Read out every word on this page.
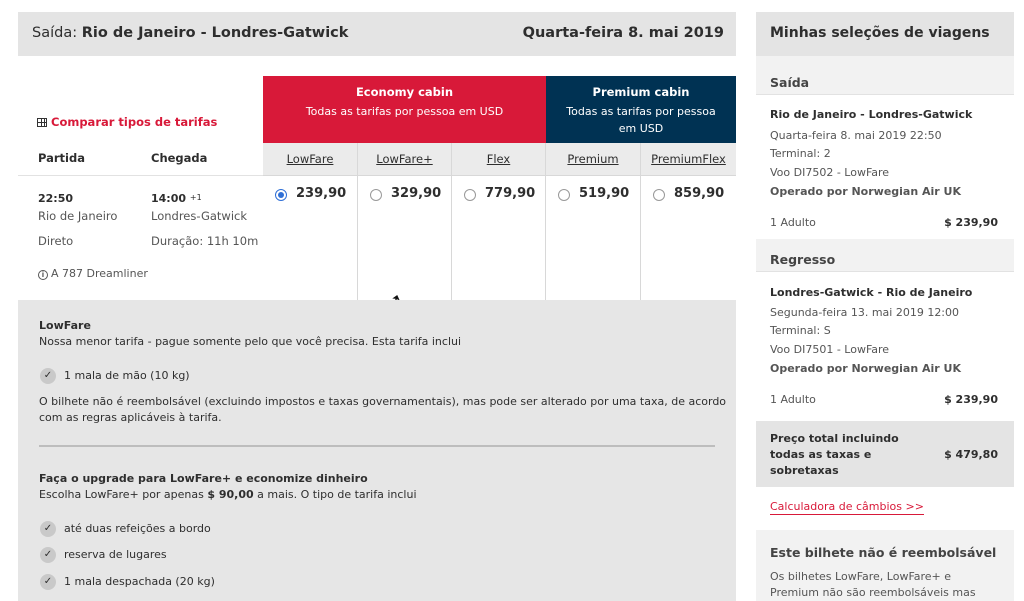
Saída: Rio de Janeiro - Londres-Gatwick	Quarta-feira 8. mai 2019
Comparar tipos de tarifas
Partida	Chegada
22:50	14:00 $^{+1}$
Rio de Janeiro	Londres-Gatwick
Direto	Duração: 11h 10m
i A 787 Dreamliner
Economy cabin
Todas as tarifas por pessoa em USD
Premium cabin
Todas as tarifas por pessoa em USD
LowFare	LowFare+	Flex	Premium	PremiumFlex
239,90	329,90	779,90	519,90	859,90
LowFare
Nossa menor tarifa - pague somente pelo que você precisa. Esta tarifa inclui
✓	1 mala de mão (10 kg)
O bilhete não é reembolsável (excluindo impostos e taxas governamentais), mas pode ser alterado por uma taxa, de acordo com as regras aplicáveis à tarifa.
Faça o upgrade para LowFare+ e economize dinheiro
Escolha LowFare+ por apenas $ 90,00 a mais. O tipo de tarifa inclui
✓	até duas refeições a bordo
✓	reserva de lugares
✓	1 mala despachada (20 kg)
Minhas seleções de viagens
Saída
Rio de Janeiro - Londres-Gatwick
Quarta-feira 8. mai 2019 22:50
Terminal: 2
Voo DI7502 - LowFare
Operado por Norwegian Air UK
1 Adulto	$ 239,90
Regresso
Londres-Gatwick - Rio de Janeiro
Segunda-feira 13. mai 2019 12:00
Terminal: S
Voo DI7501 - LowFare
Operado por Norwegian Air UK
1 Adulto	$ 239,90
Preço total incluindo todas as taxas e sobretaxas
$ 479,80
Calculadora de câmbios >>
Este bilhete não é reembolsável
Os bilhetes LowFare, LowFare+ e Premium não são reembolsáveis mas
